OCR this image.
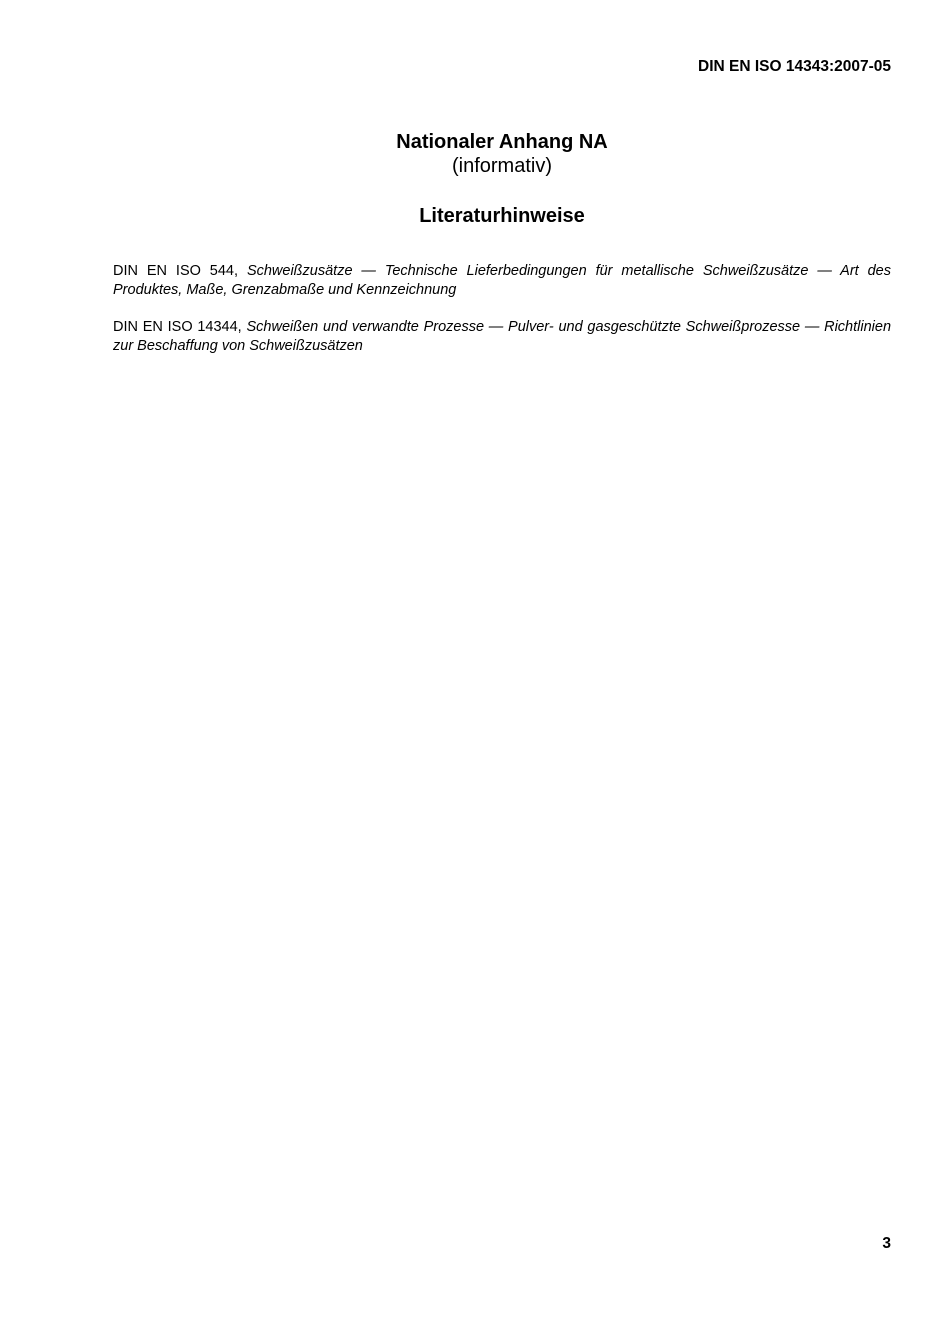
DIN EN ISO 14343:2007-05
Nationaler Anhang NA
(informativ)
Literaturhinweise

DIN EN ISO 544, Schweißzusätze — Technische Lieferbedingungen für metallische Schweißzusätze — Art des Produktes, Maße, Grenzabmaße und Kennzeichnung

DIN EN ISO 14344, Schweißen und verwandte Prozesse — Pulver- und gasgeschützte Schweißprozesse — Richtlinien zur Beschaffung von Schweißzusätzen

3
